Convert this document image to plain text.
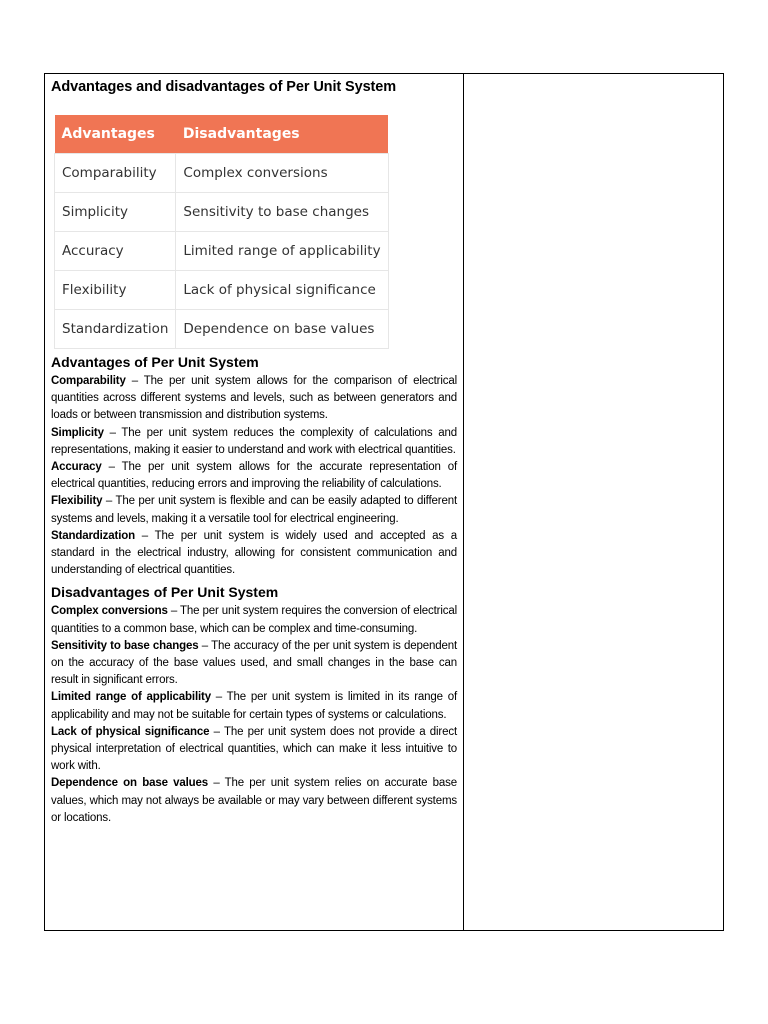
Advantages and disadvantages of Per Unit System
Advantages	Disadvantages
Comparability	Complex conversions
Simplicity	Sensitivity to base changes
Accuracy	Limited range of applicability
Flexibility	Lack of physical significance
Standardization	Dependence on base values
Advantages of Per Unit System

Comparability – The per unit system allows for the comparison of electrical quantities across different systems and levels, such as between generators and loads or between transmission and distribution systems.

Simplicity – The per unit system reduces the complexity of calculations and representations, making it easier to understand and work with electrical quantities.

Accuracy – The per unit system allows for the accurate representation of electrical quantities, reducing errors and improving the reliability of calculations.

Flexibility – The per unit system is flexible and can be easily adapted to different systems and levels, making it a versatile tool for electrical engineering.

Standardization – The per unit system is widely used and accepted as a standard in the electrical industry, allowing for consistent communication and understanding of electrical quantities.

Disadvantages of Per Unit System

Complex conversions – The per unit system requires the conversion of electrical quantities to a common base, which can be complex and time-consuming.

Sensitivity to base changes – The accuracy of the per unit system is dependent on the accuracy of the base values used, and small changes in the base can result in significant errors.

Limited range of applicability – The per unit system is limited in its range of applicability and may not be suitable for certain types of systems or calculations.

Lack of physical significance – The per unit system does not provide a direct physical interpretation of electrical quantities, which can make it less intuitive to work with.

Dependence on base values – The per unit system relies on accurate base values, which may not always be available or may vary between different systems or locations.
